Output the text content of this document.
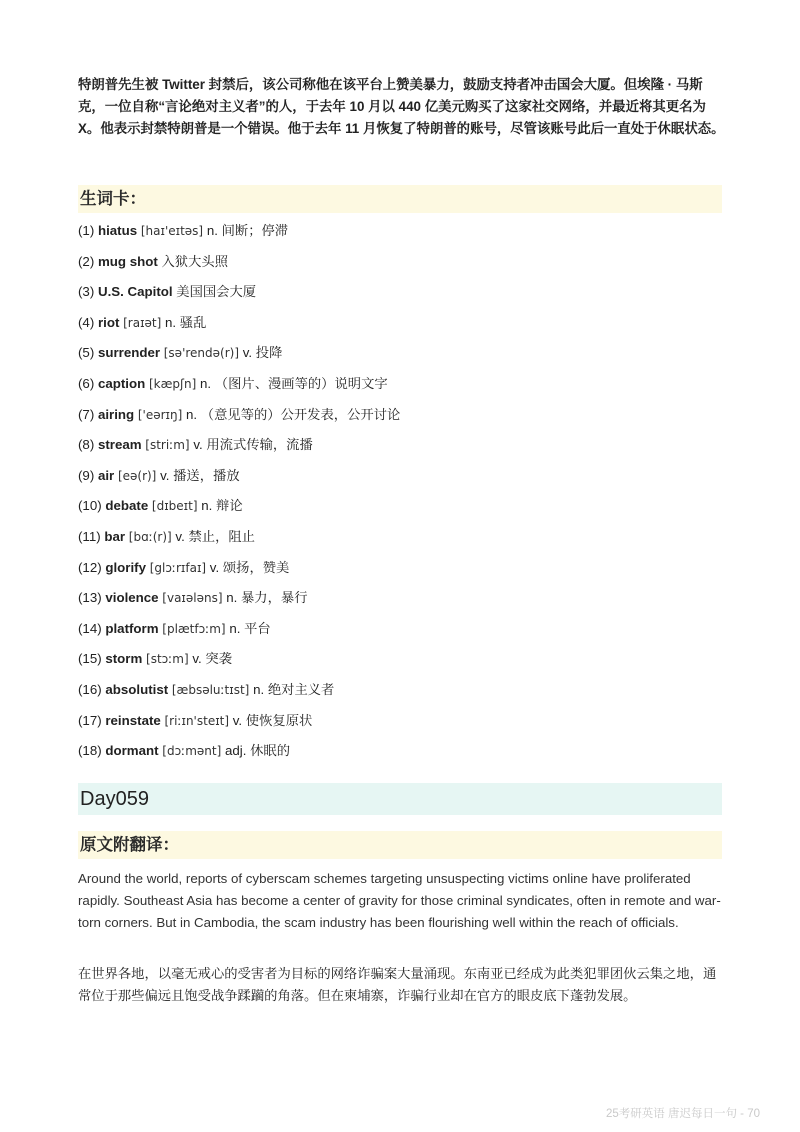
特朗普先生被 Twitter 封禁后，该公司称他在该平台上赞美暴力，鼓励支持者冲击国会大厦。但埃隆 · 马斯克，一位自称“言论绝对主义者”的人，于去年 10 月以 440 亿美元购买了这家社交网络，并最近将其更名为 X。他表示封禁特朗普是一个错误。他于去年 11 月恢复了特朗普的账号，尽管该账号此后一直处于休眠状态。

生词卡：
(1) hiatus [haɪ'eɪtəs] n. 间断；停滞
(2) mug shot 入狱大头照
(3) U.S. Capitol 美国国会大厦
(4) riot [raɪət] n. 骚乱
(5) surrender [sə'rendə(r)] v. 投降
(6) caption [kæpʃn] n. （图片、漫画等的）说明文字
(7) airing ['eərɪŋ] n. （意见等的）公开发表，公开讨论
(8) stream [striːm] v. 用流式传输，流播
(9) air [eə(r)] v. 播送，播放
(10) debate [dɪbeɪt] n. 辩论
(11) bar [bɑː(r)] v. 禁止，阻止
(12) glorify [glɔːrɪfaɪ] v. 颂扬，赞美
(13) violence [vaɪələns] n. 暴力，暴行
(14) platform [plætfɔːm] n. 平台
(15) storm [stɔːm] v. 突袭
(16) absolutist [æbsəluːtɪst] n. 绝对主义者
(17) reinstate [riːɪn'steɪt] v. 使恢复原状
(18) dormant [dɔːmənt] adj. 休眠的
Day059
原文附翻译：

Around the world, reports of cyberscam schemes targeting unsuspecting victims online have proliferated rapidly. Southeast Asia has become a center of gravity for those criminal syndicates, often in remote and war-torn corners. But in Cambodia, the scam industry has been flourishing well within the reach of officials.

在世界各地，以毫无戒心的受害者为目标的网络诈骗案大量涌现。东南亚已经成为此类犯罪团伙云集之地，通常位于那些偏远且饱受战争蹂躏的角落。但在柬埔寨，诈骗行业却在官方的眼皮底下蓬勃发展。

25考研英语 唐迟每日一句 - 70
